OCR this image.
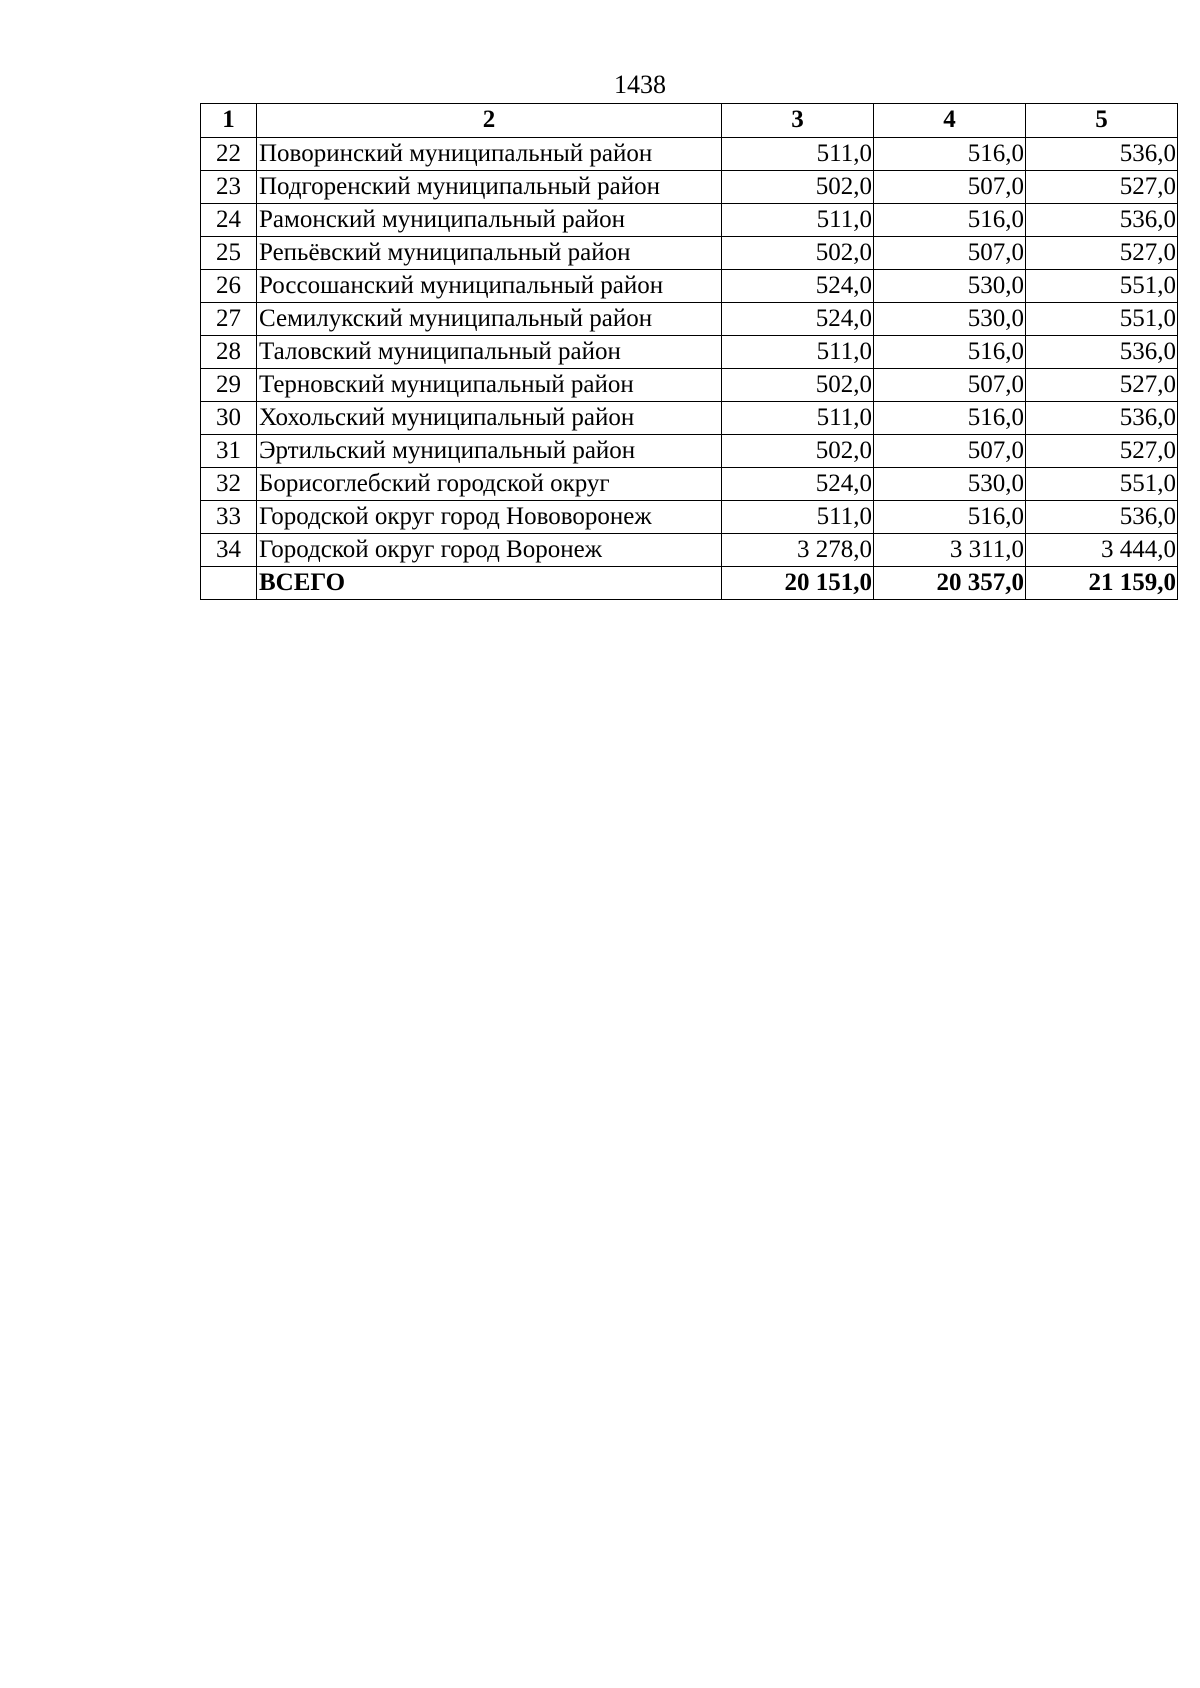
1438
1	2	3	4	5
22	Поворинский муниципальный район	511,0	516,0	536,0
23	Подгоренский муниципальный район	502,0	507,0	527,0
24	Рамонский муниципальный район	511,0	516,0	536,0
25	Репьёвский муниципальный район	502,0	507,0	527,0
26	Россошанский муниципальный район	524,0	530,0	551,0
27	Семилукский муниципальный район	524,0	530,0	551,0
28	Таловский муниципальный район	511,0	516,0	536,0
29	Терновский муниципальный район	502,0	507,0	527,0
30	Хохольский муниципальный район	511,0	516,0	536,0
31	Эртильский муниципальный район	502,0	507,0	527,0
32	Борисоглебский городской округ	524,0	530,0	551,0
33	Городской округ город Нововоронеж	511,0	516,0	536,0
34	Городской округ город Воронеж	3 278,0	3 311,0	3 444,0
	ВСЕГО	20 151,0	20 357,0	21 159,0
